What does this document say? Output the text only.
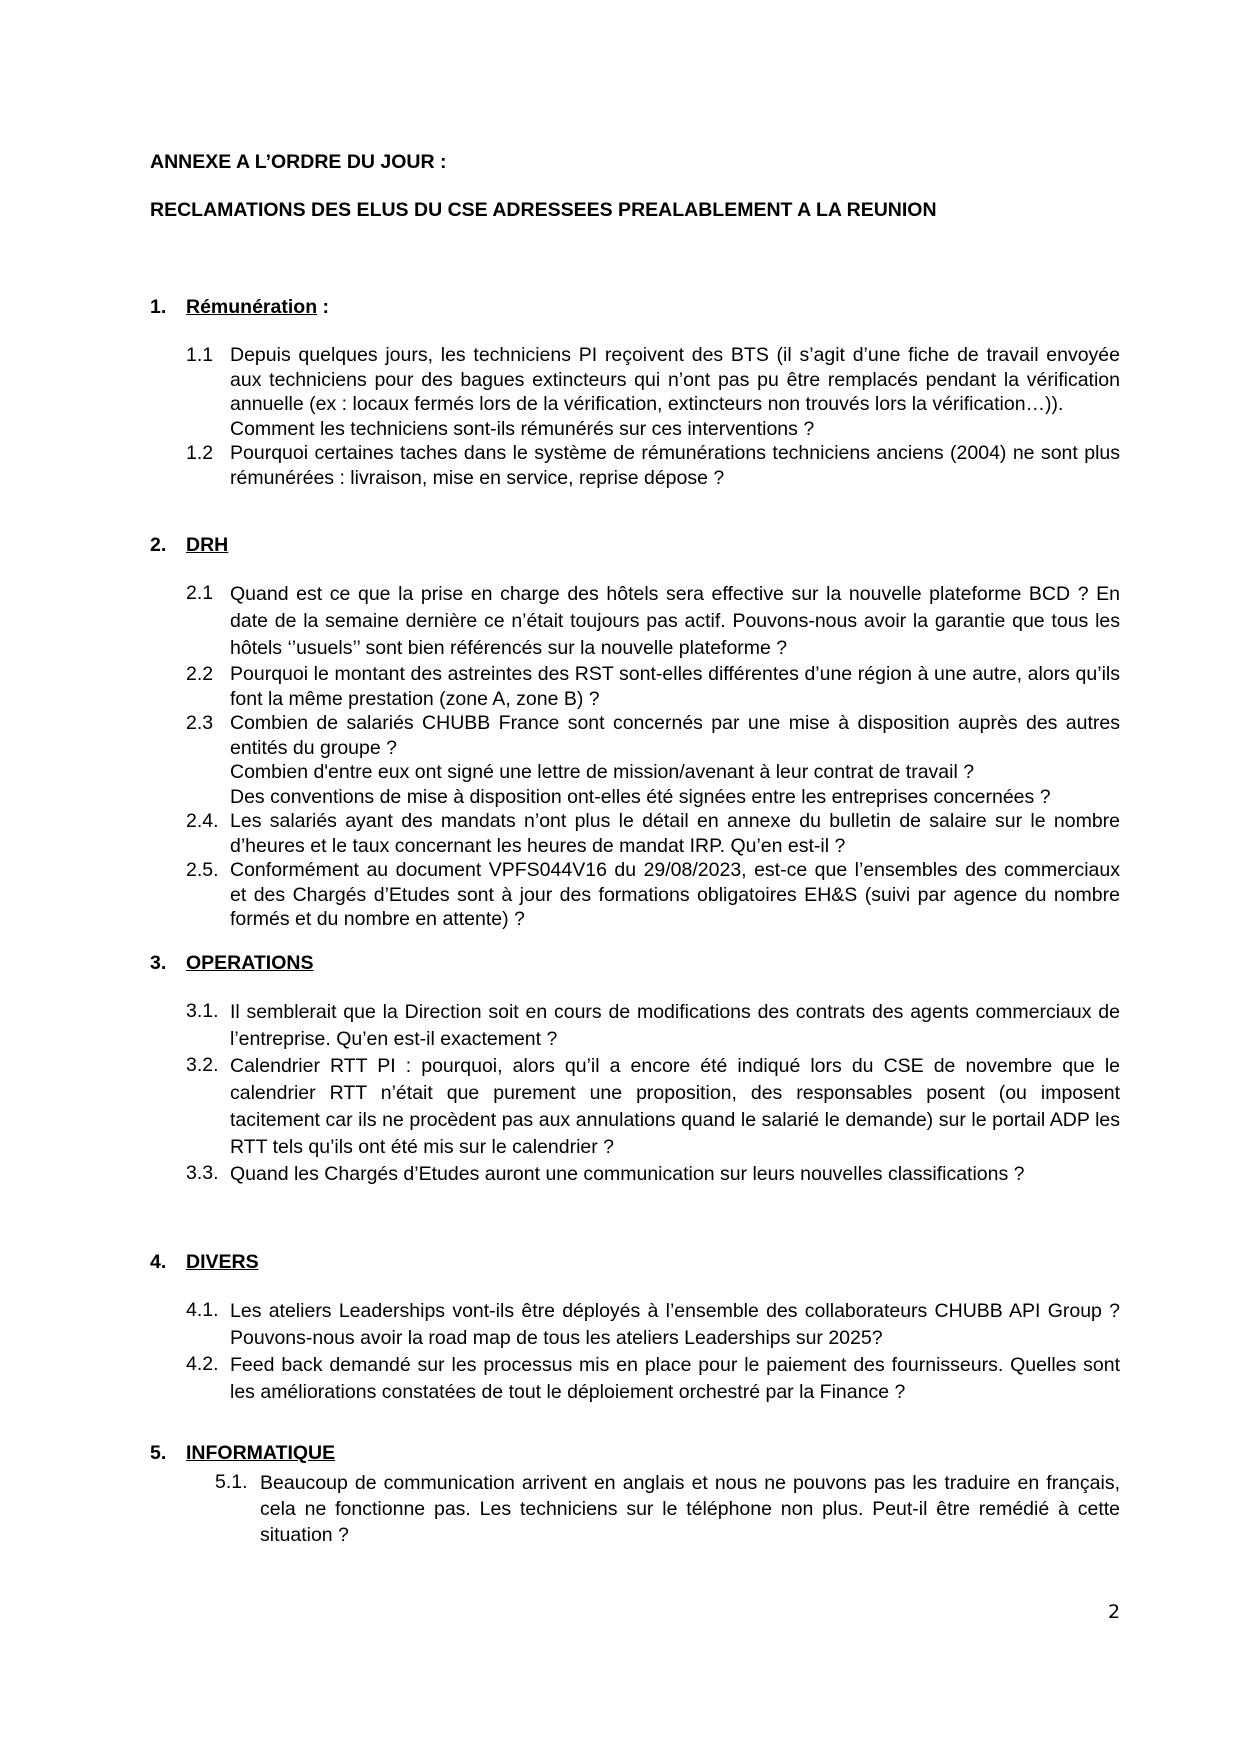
ANNEXE A L’ORDRE DU JOUR :
RECLAMATIONS DES ELUS DU CSE ADRESSEES PREALABLEMENT A LA REUNION
1. Rémunération :
1.1 Depuis quelques jours, les techniciens PI reçoivent des BTS (il s’agit d’une fiche de travail envoyée aux techniciens pour des bagues extincteurs qui n’ont pas pu être remplacés pendant la vérification annuelle (ex : locaux fermés lors de la vérification, extincteurs non trouvés lors la vérification…)).
Comment les techniciens sont-ils rémunérés sur ces interventions ?
1.2 Pourquoi certaines taches dans le système de rémunérations techniciens anciens (2004) ne sont plus rémunérées : livraison, mise en service, reprise dépose ?
2. DRH
2.1 Quand est ce que la prise en charge des hôtels sera effective sur la nouvelle plateforme BCD ? En date de la semaine dernière ce n’était toujours pas actif. Pouvons-nous avoir la garantie que tous les hôtels ‘’usuels’’ sont bien référencés sur la nouvelle plateforme ?
2.2 Pourquoi le montant des astreintes des RST sont-elles différentes d’une région à une autre, alors qu’ils font la même prestation (zone A, zone B) ?
2.3 Combien de salariés CHUBB France sont concernés par une mise à disposition auprès des autres entités du groupe ?
Combien d'entre eux ont signé une lettre de mission/avenant à leur contrat de travail ?
Des conventions de mise à disposition ont-elles été signées entre les entreprises concernées ?
2.4. Les salariés ayant des mandats n’ont plus le détail en annexe du bulletin de salaire sur le nombre d’heures et le taux concernant les heures de mandat IRP. Qu’en est-il ?
2.5. Conformément au document VPFS044V16 du 29/08/2023, est-ce que l’ensembles des commerciaux et des Chargés d’Etudes sont à jour des formations obligatoires EH&S (suivi par agence du nombre formés et du nombre en attente) ?
3. OPERATIONS
3.1. Il semblerait que la Direction soit en cours de modifications des contrats des agents commerciaux de l’entreprise. Qu’en est-il exactement ?
3.2. Calendrier RTT PI : pourquoi, alors qu’il a encore été indiqué lors du CSE de novembre que le calendrier RTT n’était que purement une proposition, des responsables posent (ou imposent tacitement car ils ne procèdent pas aux annulations quand le salarié le demande) sur le portail ADP les RTT tels qu’ils ont été mis sur le calendrier ?
3.3. Quand les Chargés d’Etudes auront une communication sur leurs nouvelles classifications ?
4. DIVERS
4.1. Les ateliers Leaderships vont-ils être déployés à l’ensemble des collaborateurs CHUBB API Group ? Pouvons-nous avoir la road map de tous les ateliers Leaderships sur 2025?
4.2. Feed back demandé sur les processus mis en place pour le paiement des fournisseurs. Quelles sont les améliorations constatées de tout le déploiement orchestré par la Finance ?
5. INFORMATIQUE
5.1. Beaucoup de communication arrivent en anglais et nous ne pouvons pas les traduire en français, cela ne fonctionne pas. Les techniciens sur le téléphone non plus. Peut-il être remédié à cette situation ?
2
